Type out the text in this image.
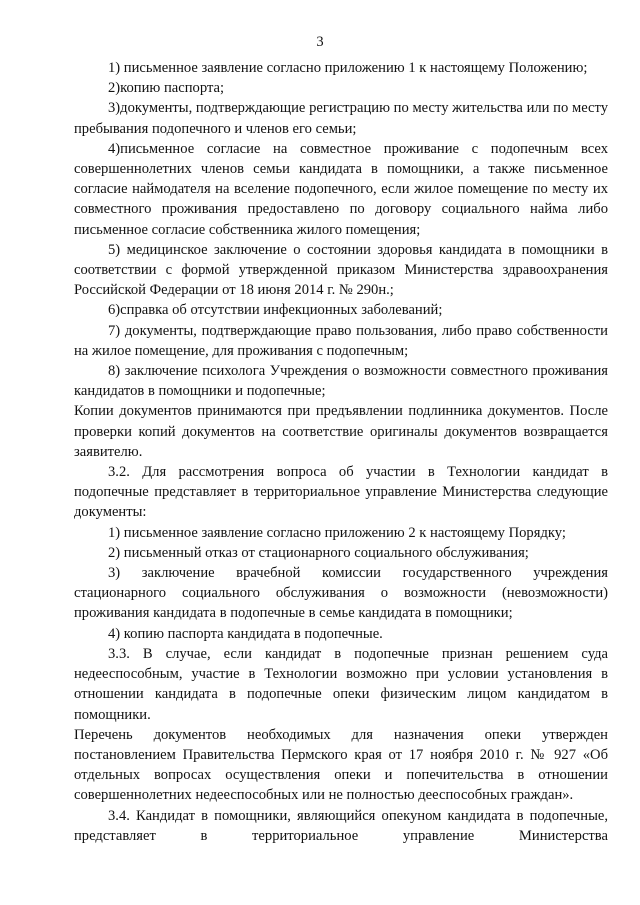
3

1) письменное заявление согласно приложению 1 к настоящему Положению;

2)копию паспорта;

3)документы, подтверждающие регистрацию по месту жительства или по месту пребывания подопечного и членов его семьи;

4)письменное согласие на совместное проживание с подопечным всех совершеннолетних членов семьи кандидата в помощники, а также письменное согласие наймодателя на вселение подопечного, если жилое помещение по месту их совместного проживания предоставлено по договору социального найма либо письменное согласие собственника жилого помещения;

5) медицинское заключение о состоянии здоровья кандидата в помощники в соответствии с формой утвержденной приказом Министерства здравоохранения Российской Федерации от 18 июня 2014 г. № 290н.;

6)справка об отсутствии инфекционных заболеваний;

7) документы, подтверждающие право пользования, либо право собственности на жилое помещение, для проживания с подопечным;

8) заключение психолога Учреждения о возможности совместного проживания кандидатов в помощники и подопечные;

Копии документов принимаются при предъявлении подлинника документов. После проверки копий документов на соответствие оригиналы документов возвращается заявителю.

3.2. Для рассмотрения вопроса об участии в Технологии кандидат в подопечные представляет в территориальное управление Министерства следующие документы:

1) письменное заявление согласно приложению 2 к настоящему Порядку;

2) письменный отказ от стационарного социального обслуживания;

3) заключение врачебной комиссии государственного учреждения стационарного социального обслуживания о возможности (невозможности) проживания кандидата в подопечные в семье кандидата в помощники;

4) копию паспорта кандидата в подопечные.

3.3. В случае, если кандидат в подопечные признан решением суда недееспособным, участие в Технологии возможно при условии установления в отношении кандидата в подопечные опеки физическим лицом кандидатом в помощники.

Перечень документов необходимых для назначения опеки утвержден постановлением Правительства Пермского края от 17 ноября 2010 г. № 927 «Об отдельных вопросах осуществления опеки и попечительства в отношении совершеннолетних недееспособных или не полностью дееспособных граждан».

3.4. Кандидат в помощники, являющийся опекуном кандидата в подопечные, представляет в территориальное управление Министерства
